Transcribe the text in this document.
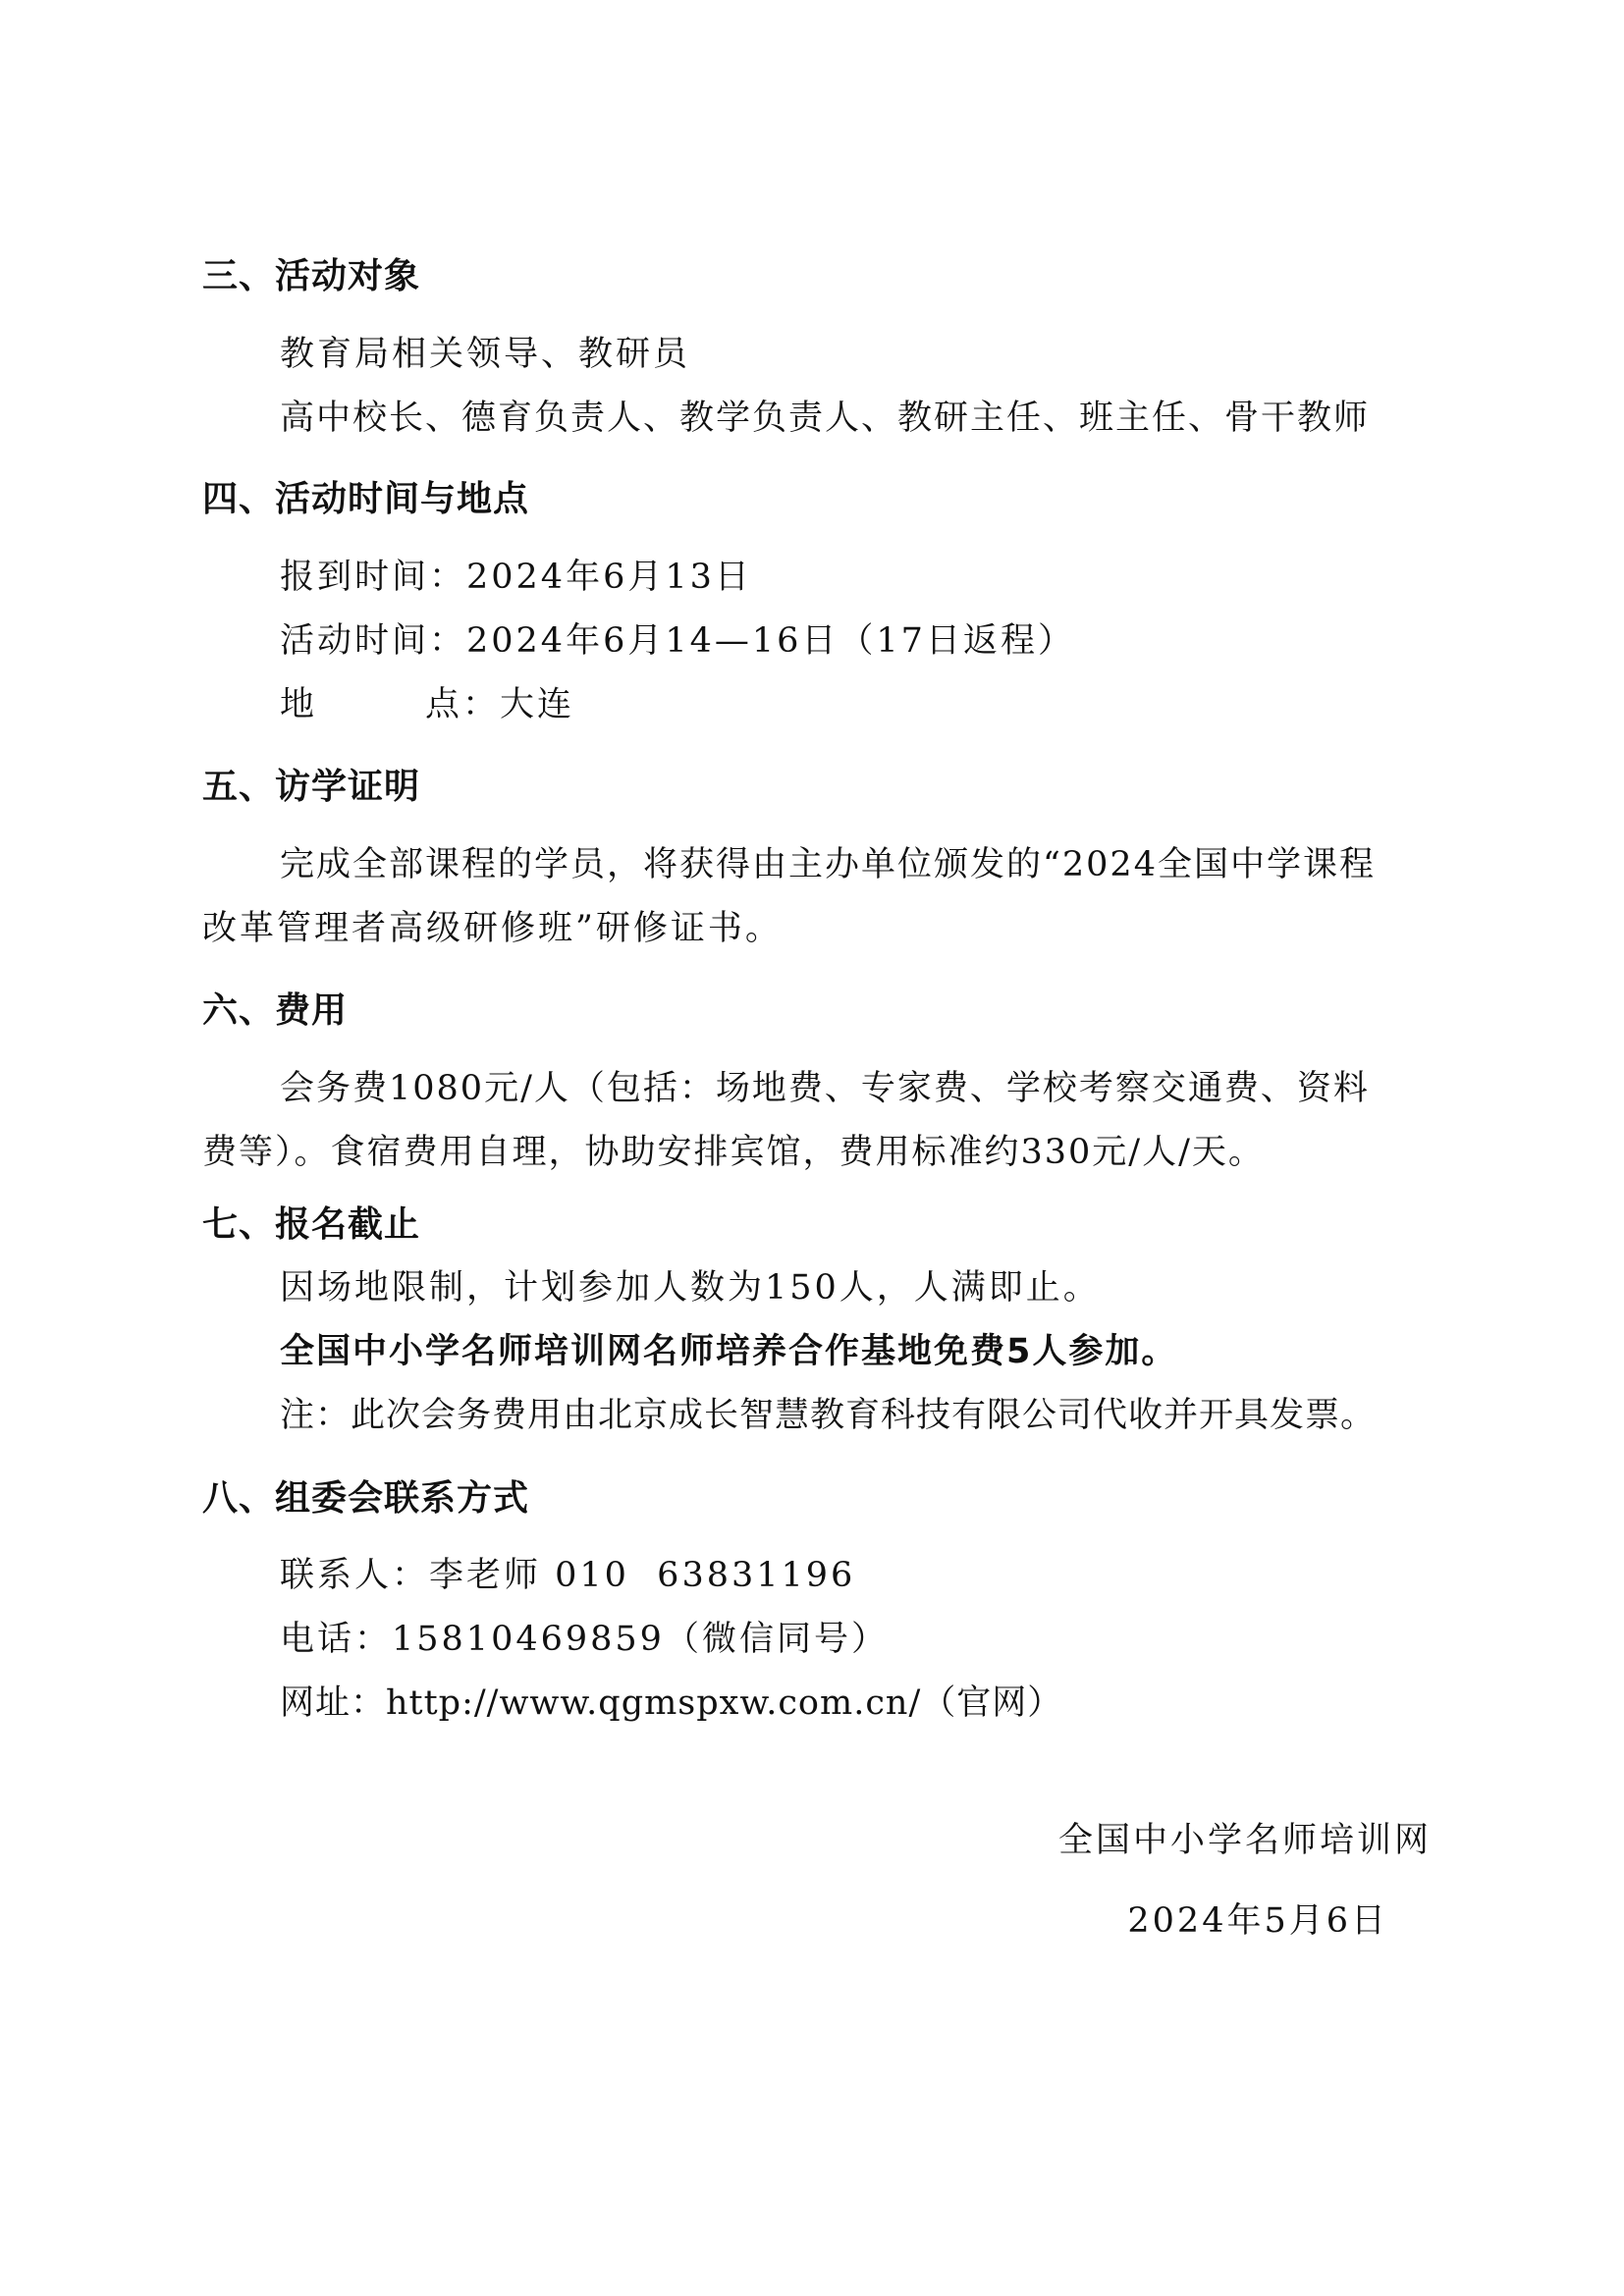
三、活动对象
教育局相关领导、教研员
高中校长、德育负责人、教学负责人、教研主任、班主任、骨干教师
四、活动时间与地点
报到时间：2024年6月13日
活动时间：2024年6月14—16日（17日返程）
地	点：大连
五、访学证明
完成全部课程的学员，将获得由主办单位颁发的“2024全国中学课程
改革管理者高级研修班”研修证书。
六、费用
会务费1080元/人（包括：场地费、专家费、学校考察交通费、资料
费等）。食宿费用自理，协助安排宾馆，费用标准约330元/人/天。
七、报名截止
因场地限制，计划参加人数为150人，人满即止。
全国中小学名师培训网名师培养合作基地免费5人参加。
注：此次会务费用由北京成长智慧教育科技有限公司代收并开具发票。
八、组委会联系方式
联系人：李老师 010  63831196
电话：15810469859（微信同号）
网址：http://www.qgmspxw.com.cn/（官网）
全国中小学名师培训网
2024年5月6日
